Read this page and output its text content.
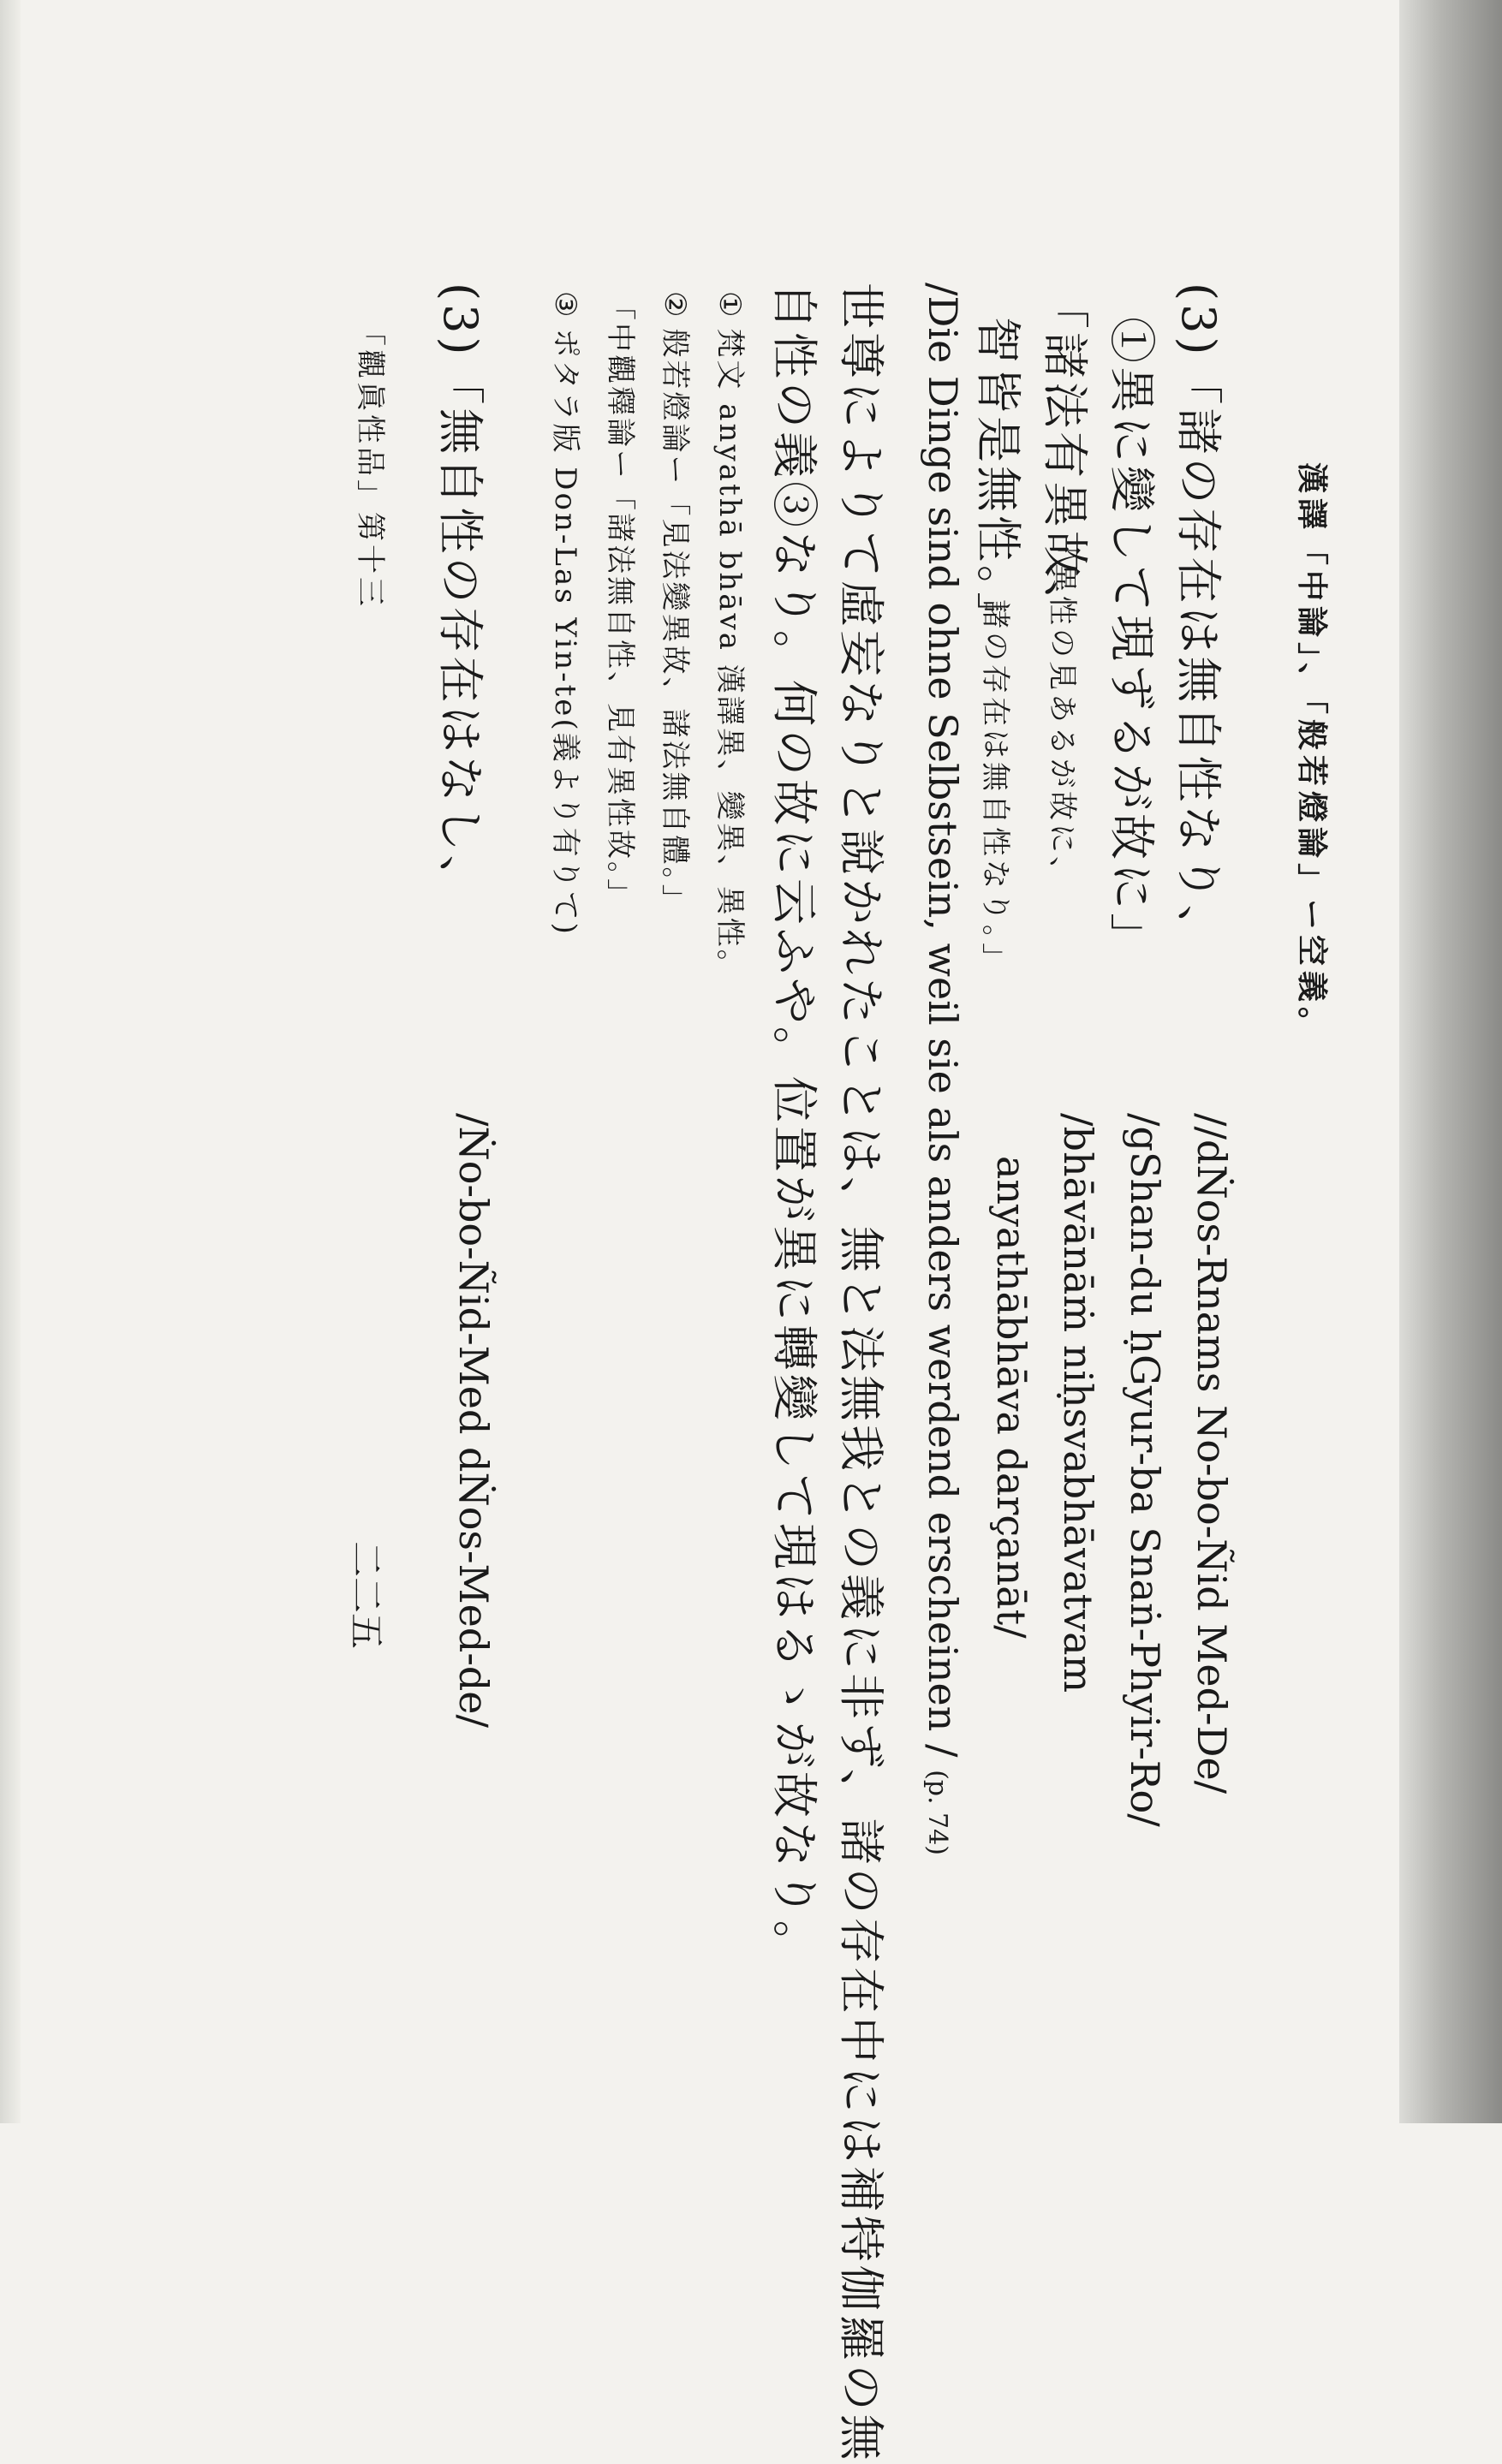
漢譯「中論」、「般若燈論」ー空義。
(3)「諸の存在は無自性なり、
①異に變して現ずるが故に」
「諸法有異故、
「異性の見あるが故に、
智皆是無性。」
諸の存在は無自性なり。」
//dṄos-Rnams No-bo-Ñid Med-De/
/gShan-du ḥGyur-ba Snaṅ-Phyir-Ro/
/bhāvānāṁ niḥsvabhāvatvam
anyathābhāva darçanāt/
/Die Dinge sind ohne Selbstsein, weil sie als anders werdend erscheinen / (p. 74)
世尊によりて虛妄なりと說かれたことは、無と法無我との義に非ず、諸の存在中には補特伽羅の無
自性の義③なり。何の故に云ふや。位置が異に轉變して現はるゝが故なり。
①梵文 anyathā bhāva 漢譯異、變異、異性。
②般若燈論ー「見法變異故、諸法無自體。」
「中觀釋論ー「諸法無自性、見有異性故。」
③ポタラ版 Don-Las Yin-te(義より有りて)
(3)「無自性の存在はなし、
/Ṅo-bo-Ñid-Med dṄos-Med-de/
「觀眞性品」第十三
二二五
